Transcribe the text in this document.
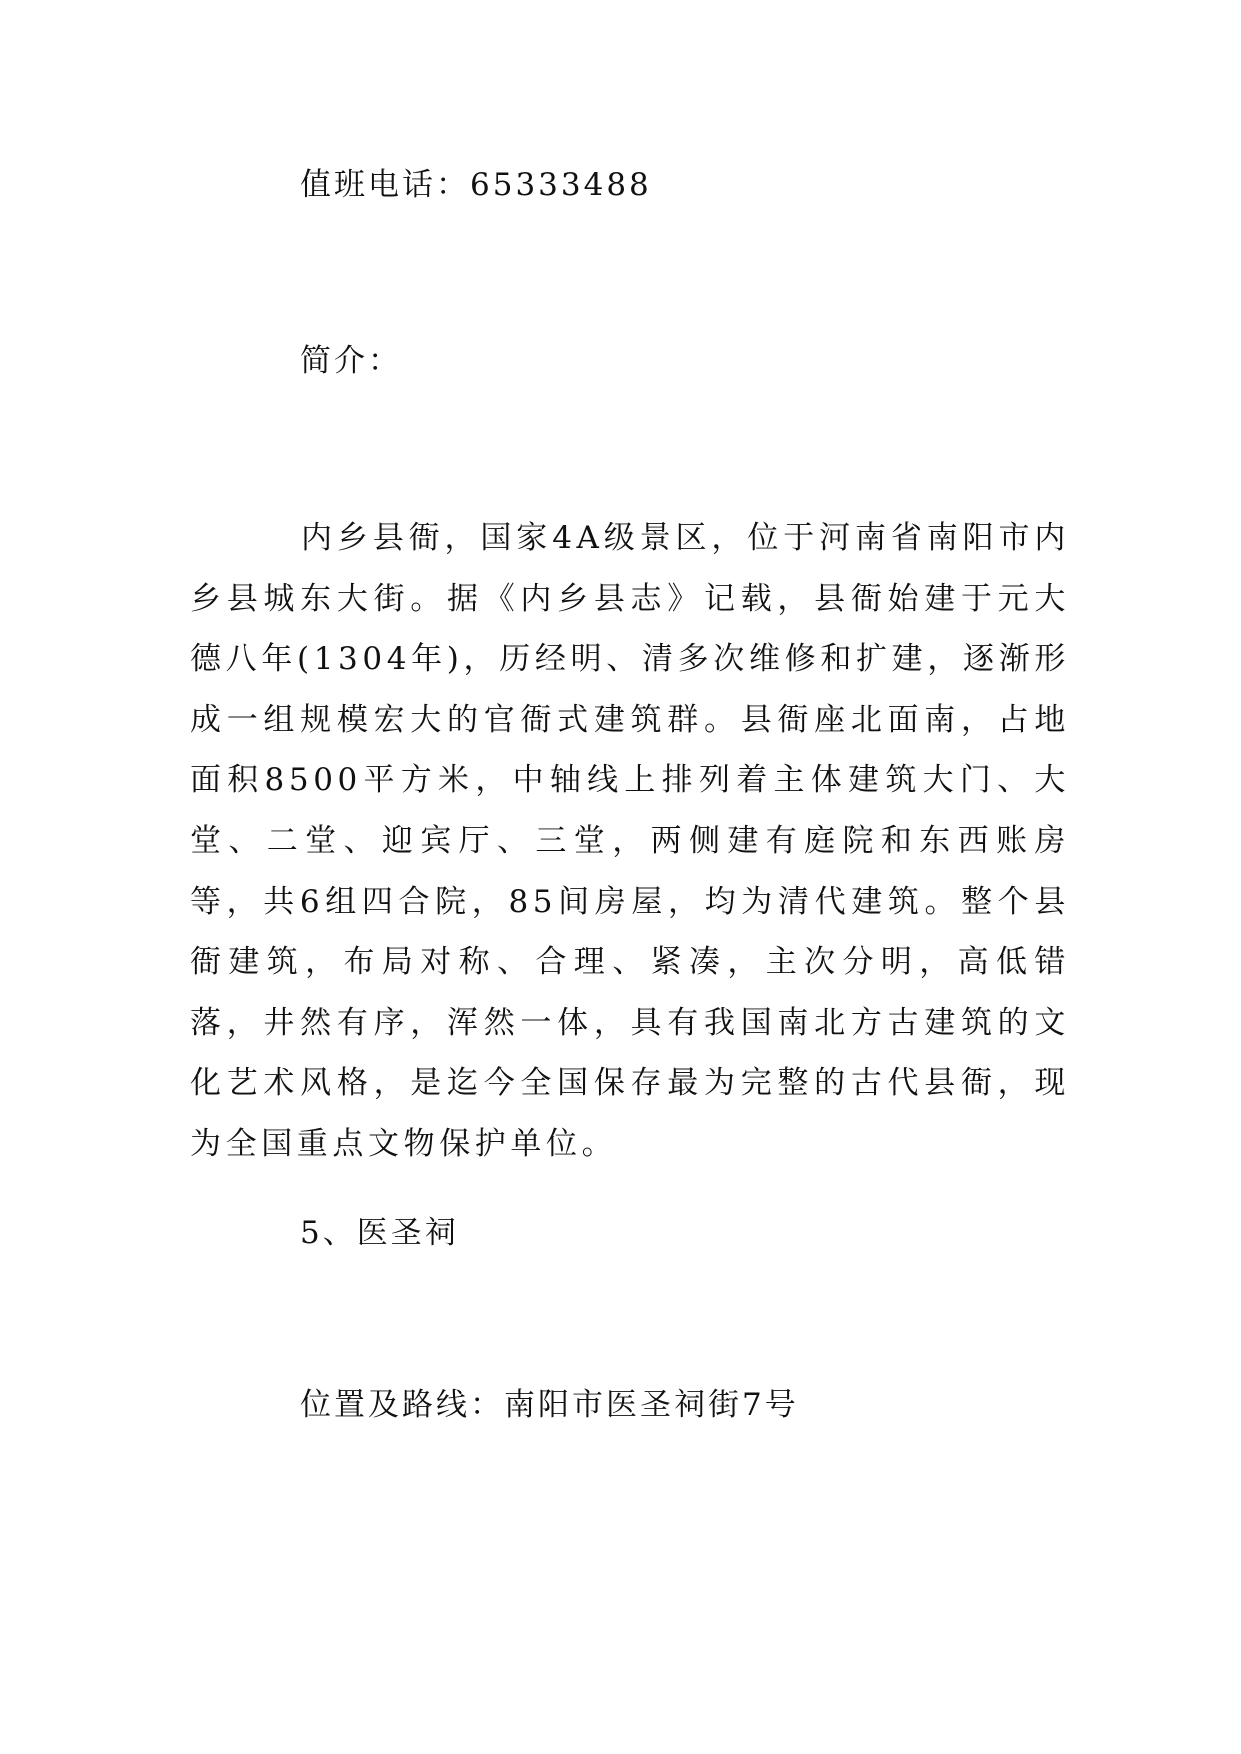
值班电话：65333488
简介：

内乡县衙，国家4A级景区，位于河南省南阳市内乡县城东大街。据《内乡县志》记载，县衙始建于元大德八年(1304年)，历经明、清多次维修和扩建，逐渐形成一组规模宏大的官衙式建筑群。县衙座北面南，占地面积8500平方米，中轴线上排列着主体建筑大门、大堂、二堂、迎宾厅、三堂，两侧建有庭院和东西账房等，共6组四合院，85间房屋，均为清代建筑。整个县衙建筑，布局对称、合理、紧凑，主次分明，高低错落，井然有序，浑然一体，具有我国南北方古建筑的文化艺术风格，是迄今全国保存最为完整的古代县衙，现为全国重点文物保护单位。

5、医圣祠
位置及路线：南阳市医圣祠街7号
